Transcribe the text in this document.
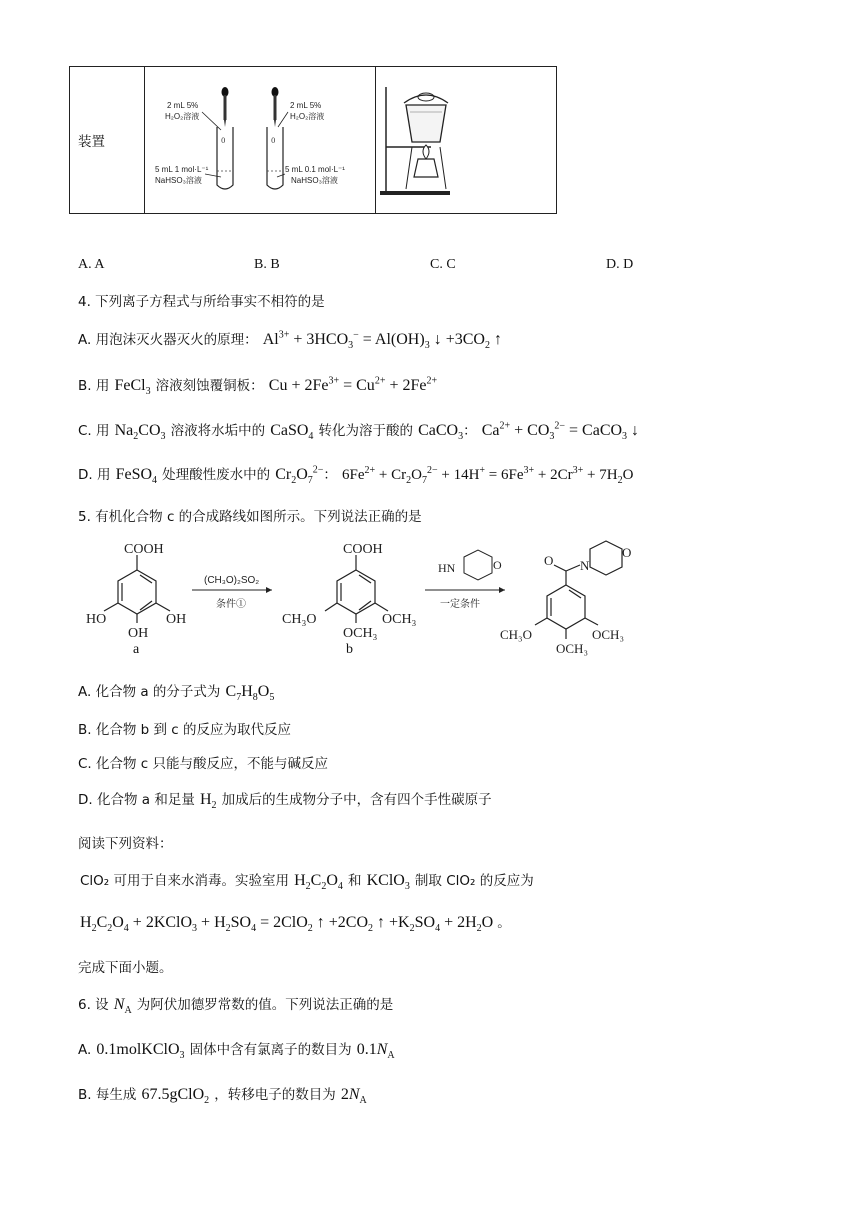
装置	0	0
2 mL 5%
H₂O₂溶液
5 mL 1 mol·L⁻¹
NaHSO₃溶液
2 mL 5%
H₂O₂溶液
5 mL 0.1 mol·L⁻¹
NaHSO₃溶液

A. A	B. B	C. C	D. D
4. 下列离子方程式与所给事实不相符的是
A. 用泡沫灭火器灭火的原理： $Al^{3+} + 3HCO_3^- = Al(OH)_3$ ↓ $+3CO_2$ ↑
B. 用 FeCl$_3$ 溶液刻蚀覆铜板： $Cu + 2Fe^{3+} = Cu^{2+} + 2Fe^{2+}$
C. 用 $Na_2CO_3$ 溶液将水垢中的 CaSO$_4$ 转化为溶于酸的 CaCO$_3$： $Ca^{2+} + CO_3^{2-}$ = CaCO$_3$ ↓
D. 用 FeSO$_4$ 处理酸性废水中的 $Cr_2O_7^{2-}$： $6Fe^{2+} + Cr_2O_7^{2-} + 14H^+ = 6Fe^{3+} + 2Cr^{3+} + 7H_2O$
5. 有机化合物 c 的合成路线如图所示。下列说法正确的是
COOH
HO	OH
OH
COOH
CH₃O	OCH₃
OCH₃
HN	O	O N
O
CH₃O	OCH₃
OCH₃
(CH₃O)₂SO₂
条件①	一定条件
a	b
A. 化合物 a 的分子式为 $C_7H_8O_5$
B. 化合物 b 到 c 的反应为取代反应
C. 化合物 c 只能与酸反应，不能与碱反应
D. 化合物 a 和足量 $H_2$ 加成后的生成物分子中，含有四个手性碳原子
阅读下列资料：
ClO₂ 可用于自来水消毒。实验室用 $H_2C_2O_4$ 和 KClO$_3$ 制取 ClO₂ 的反应为
$H_2C_2O_4$ + 2KClO$_3$ + $H_2SO_4 = 2ClO_2$ ↑ $+2CO_2$ ↑ $+K_2SO_4 + 2H_2O$ 。
完成下面小题。
6. 设 $N_A$ 为阿伏加德罗常数的值。下列说法正确的是
A. 0.1molKClO$_3$ 固体中含有氯离子的数目为 $0.1N_A$
B. 每生成 67.5gClO$_2$ ，转移电子的数目为 $2N_A$
